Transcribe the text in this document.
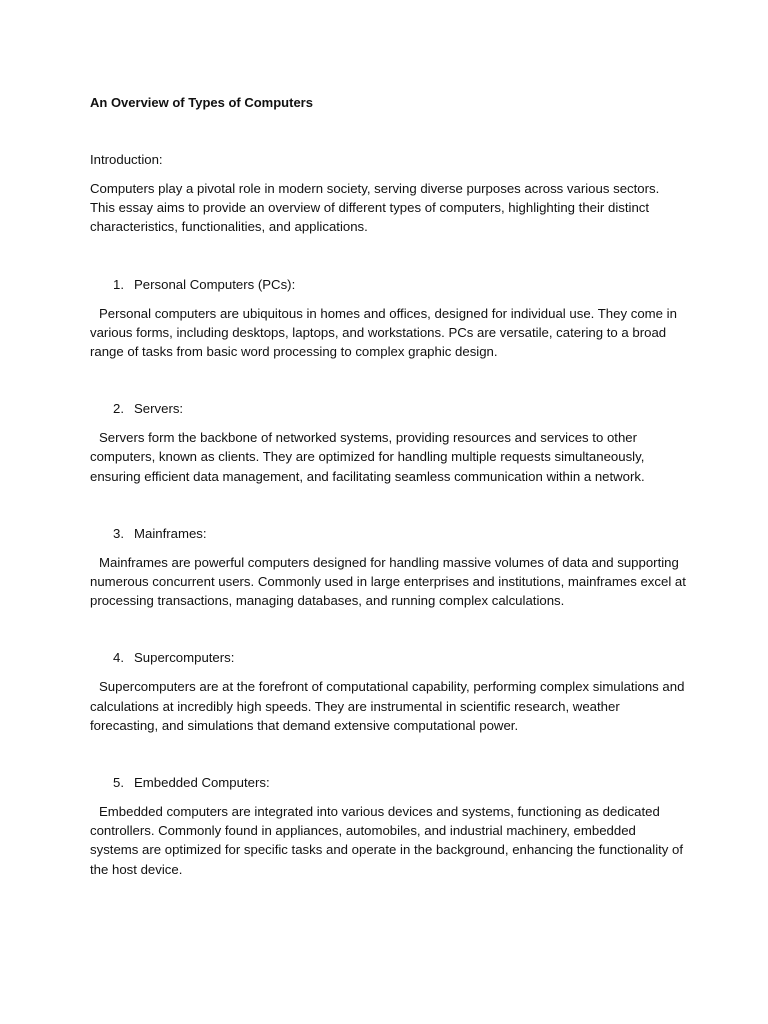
An Overview of Types of Computers

Introduction:

Computers play a pivotal role in modern society, serving diverse purposes across various sectors. This essay aims to provide an overview of different types of computers, highlighting their distinct characteristics, functionalities, and applications.

1. Personal Computers (PCs):

Personal computers are ubiquitous in homes and offices, designed for individual use. They come in various forms, including desktops, laptops, and workstations. PCs are versatile, catering to a broad range of tasks from basic word processing to complex graphic design.

2. Servers:

Servers form the backbone of networked systems, providing resources and services to other computers, known as clients. They are optimized for handling multiple requests simultaneously, ensuring efficient data management, and facilitating seamless communication within a network.

3. Mainframes:

Mainframes are powerful computers designed for handling massive volumes of data and supporting numerous concurrent users. Commonly used in large enterprises and institutions, mainframes excel at processing transactions, managing databases, and running complex calculations.

4. Supercomputers:

Supercomputers are at the forefront of computational capability, performing complex simulations and calculations at incredibly high speeds. They are instrumental in scientific research, weather forecasting, and simulations that demand extensive computational power.

5. Embedded Computers:

Embedded computers are integrated into various devices and systems, functioning as dedicated controllers. Commonly found in appliances, automobiles, and industrial machinery, embedded systems are optimized for specific tasks and operate in the background, enhancing the functionality of the host device.
